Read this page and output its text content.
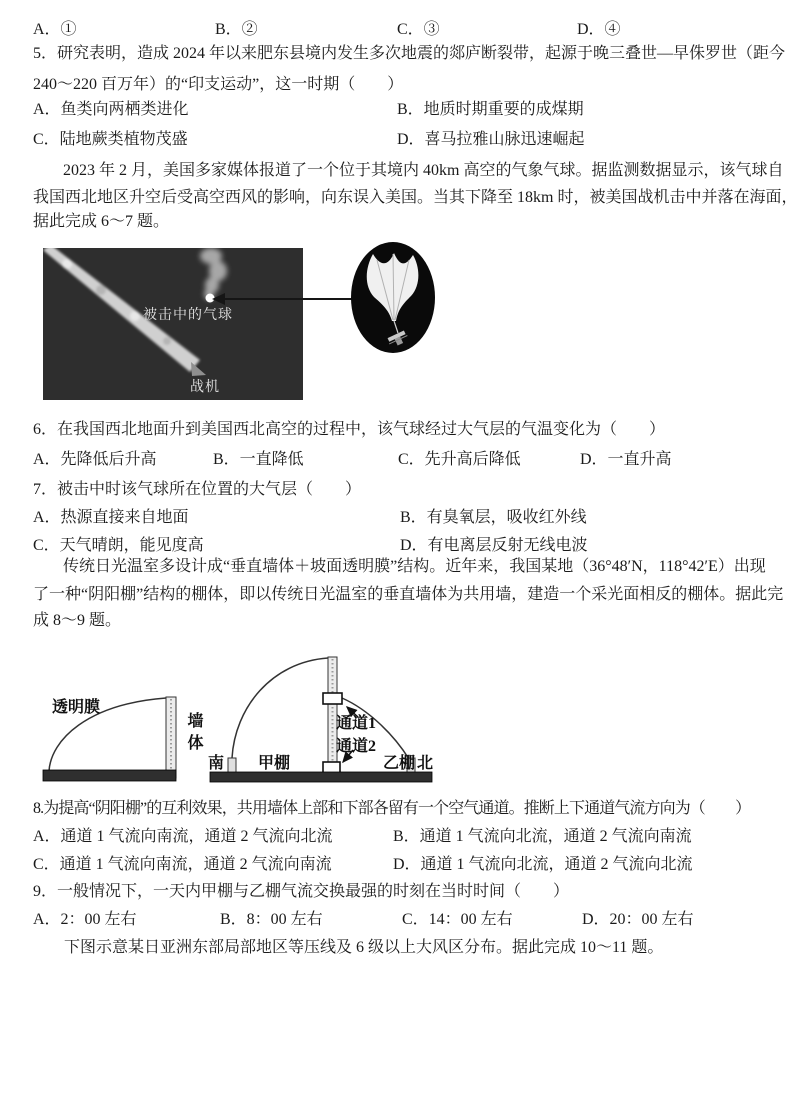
A．①	B．②	C．③	D．④
5．研究表明，造成 2024 年以来肥东县境内发生多次地震的郯庐断裂带，起源于晚三叠世—早侏罗世（距今
240～220 百万年）的“印支运动”，这一时期（　　）
A．鱼类向两栖类进化	B．地质时期重要的成煤期
C．陆地蕨类植物茂盛	D．喜马拉雅山脉迅速崛起
2023 年 2 月，美国多家媒体报道了一个位于其境内 40km 高空的气象气球。据监测数据显示，该气球自
我国西北地区升空后受高空西风的影响，向东误入美国。当其下降至 18km 时，被美国战机击中并落在海面，
据此完成 6～7 题。
被击中的气球
战机
6．在我国西北地面升到美国西北高空的过程中，该气球经过大气层的气温变化为（　　）
A．先降低后升高	B．一直降低	C．先升高后降低	D．一直升高
7．被击中时该气球所在位置的大气层（　　）
A．热源直接来自地面	B．有臭氧层，吸收红外线
C．天气晴朗，能见度高	D．有电离层反射无线电波
传统日光温室多设计成“垂直墙体＋坡面透明膜”结构。近年来，我国某地（36°48′N，118°42′E）出现
了一种“阴阳棚”结构的棚体，即以传统日光温室的垂直墙体为共用墙，建造一个采光面相反的棚体。据此完
成 8～9 题。
透明膜
墙体
南 甲棚
通道1
通道2
乙棚 北
8.为提高“阴阳棚”的互利效果，共用墙体上部和下部各留有一个空气通道。推断上下通道气流方向为（　　）
A．通道 1 气流向南流，通道 2 气流向北流	B．通道 1 气流向北流，通道 2 气流向南流
C．通道 1 气流向南流，通道 2 气流向南流	D．通道 1 气流向北流，通道 2 气流向北流
9．一般情况下，一天内甲棚与乙棚气流交换最强的时刻在当时时间（　　）
A．2：00 左右	B．8：00 左右	C．14：00 左右	D．20：00 左右
下图示意某日亚洲东部局部地区等压线及 6 级以上大风区分布。据此完成 10～11 题。
